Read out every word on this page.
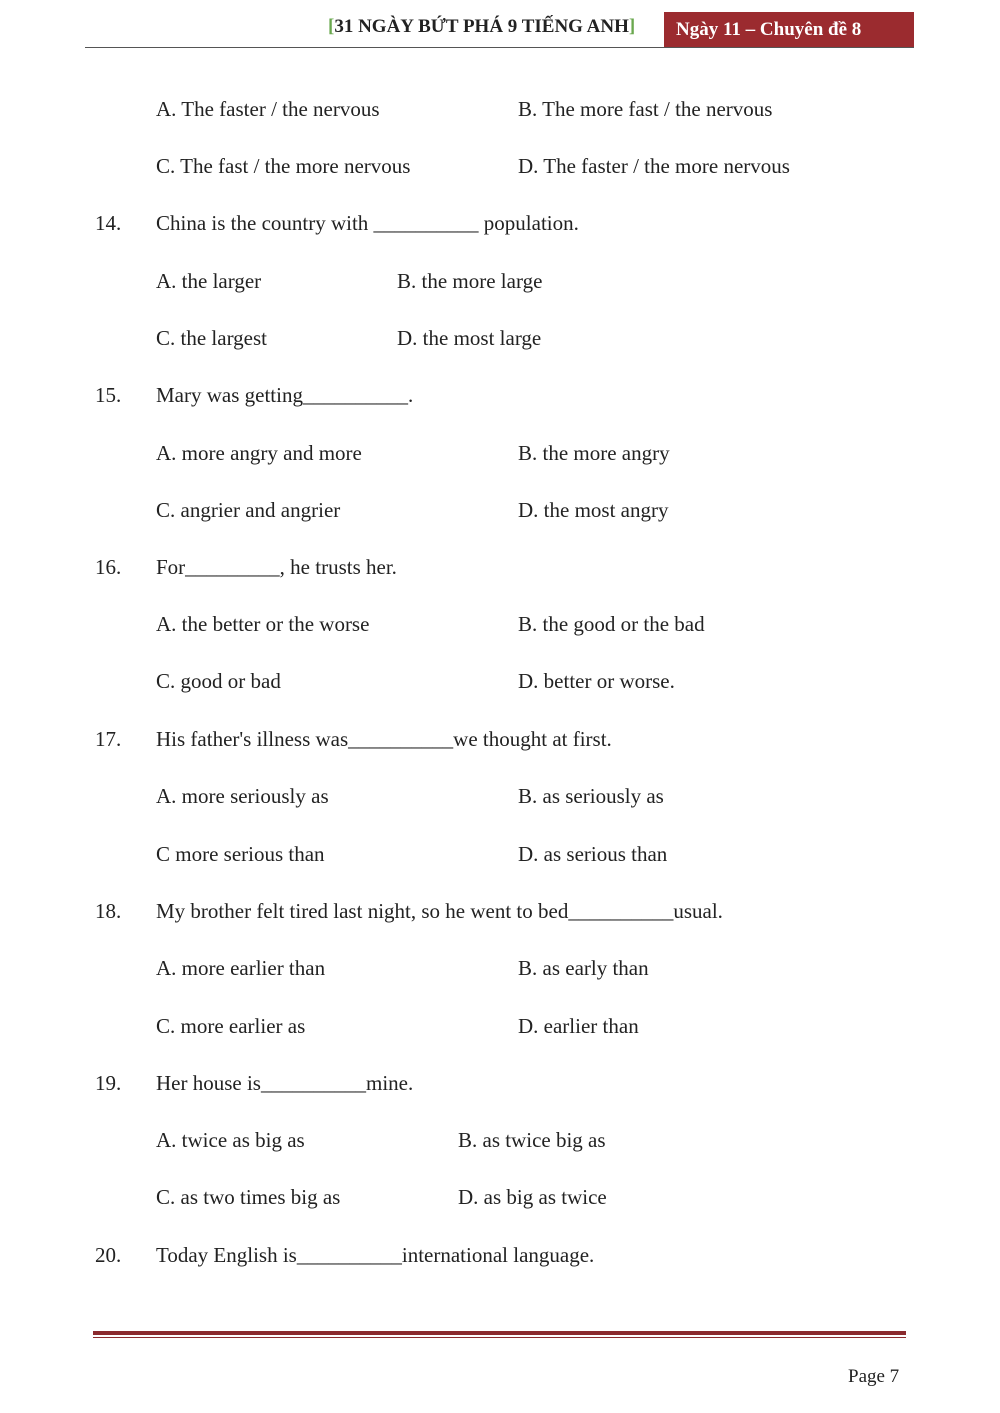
[31 NGÀY BỨT PHÁ 9 TIẾNG ANH]	Ngày 11 – Chuyên đề 8
A. The faster / the nervous	B. The more fast / the nervous
C. The fast / the more nervous	D. The faster / the more nervous
14. China is the country with __________ population.
A. the larger	B. the more large
C. the largest	D. the most large
15. Mary was getting__________.
A. more angry and more	B. the more angry
C. angrier and angrier	D. the most angry
16. For_________, he trusts her.
A. the better or the worse	B. the good or the bad
C. good or bad	D. better or worse.
17. His father's illness was__________we thought at first.
A. more seriously as	B. as seriously as
C more serious than	D. as serious than
18. My brother felt tired last night, so he went to bed__________usual.
A. more earlier than	B. as early than
C. more earlier as	D. earlier than
19. Her house is__________mine.
A. twice as big as	B. as twice big as
C. as two times big as	D. as big as twice
20. Today English is__________international language.
Page 7
